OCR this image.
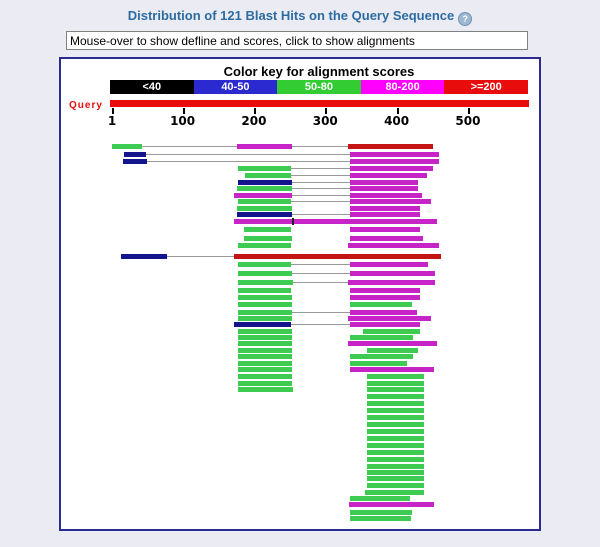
Distribution of 121 Blast Hits on the Query Sequence ?
Mouse-over to show defline and scores, click to show alignments
Color key for alignment scores
<40	40-50	50-80	80-200	>=200
Query
1	100	200	300	400	500
